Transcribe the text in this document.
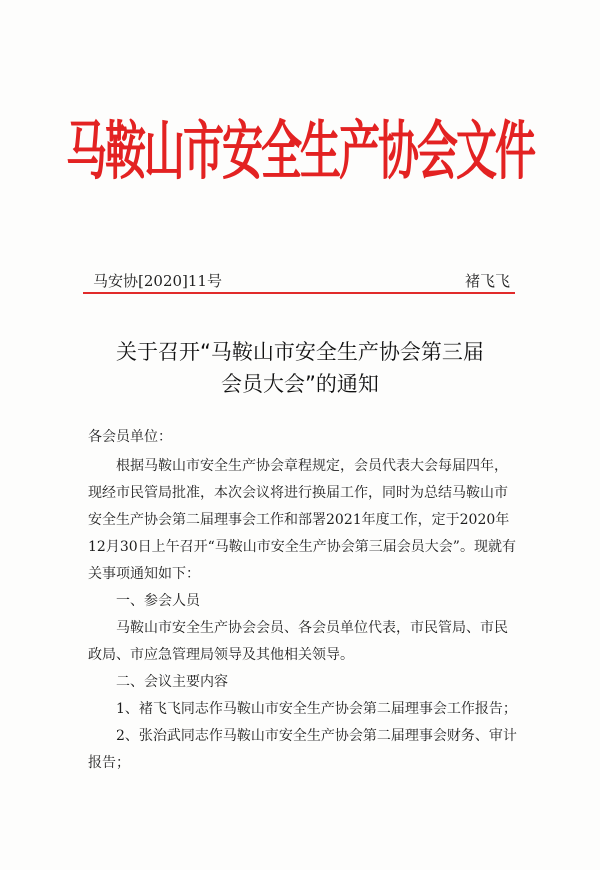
马鞍山市安全生产协会文件
马安协[2020]11号	褚飞飞
关于召开“马鞍山市安全生产协会第三届
会员大会”的通知

各会员单位：

根据马鞍山市安全生产协会章程规定，会员代表大会每届四年，现经市民管局批准，本次会议将进行换届工作，同时为总结马鞍山市安全生产协会第二届理事会工作和部署2021年度工作，定于2020年12月30日上午召开“马鞍山市安全生产协会第三届会员大会”。现就有关事项通知如下：

一、参会人员

马鞍山市安全生产协会会员、各会员单位代表，市民管局、市民政局、市应急管理局领导及其他相关领导。

二、会议主要内容

1、褚飞飞同志作马鞍山市安全生产协会第二届理事会工作报告；

2、张治武同志作马鞍山市安全生产协会第二届理事会财务、审计报告；
